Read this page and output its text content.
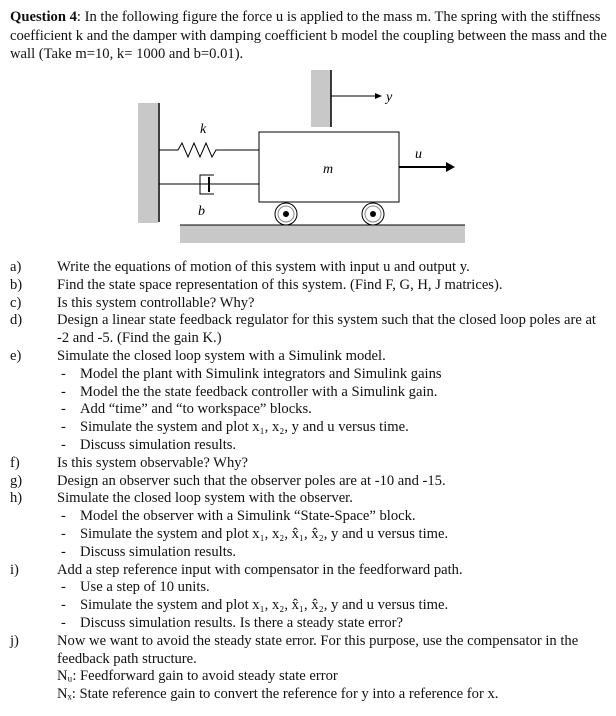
Question 4: In the following figure the force u is applied to the mass m. The spring with the stiffness coefficient k and the damper with damping coefficient b model the coupling between the mass and the wall (Take m=10, k= 1000 and b=0.01).
y
k
b
m
u
a)	Write the equations of motion of this system with input u and output y.
b)	Find the state space representation of this system. (Find F, G, H, J matrices).
c)	Is this system controllable? Why?
d)	Design a linear state feedback regulator for this system such that the closed loop poles are at -2 and -5. (Find the gain K.)
e)	Simulate the closed loop system with a Simulink model.
- Model the plant with Simulink integrators and Simulink gains
- Model the the state feedback controller with a Simulink gain.
- Add “time” and “to workspace” blocks.
- Simulate the system and plot x₁, x₂, y and u versus time.
- Discuss simulation results.
f)	Is this system observable? Why?
g)	Design an observer such that the observer poles are at -10 and -15.
h)	Simulate the closed loop system with the observer.
- Model the observer with a Simulink “State-Space” block.
- Simulate the system and plot x₁, x₂, x̂₁, x̂₂, y and u versus time.
- Discuss simulation results.
i)	Add a step reference input with compensator in the feedforward path.
- Use a step of 10 units.
- Simulate the system and plot x₁, x₂, x̂₁, x̂₂, y and u versus time.
- Discuss simulation results. Is there a steady state error?
j)	Now we want to avoid the steady state error. For this purpose, use the compensator in the feedback path structure.
Nᵤ: Feedforward gain to avoid steady state error
Nₓ: State reference gain to convert the reference for y into a reference for x.
